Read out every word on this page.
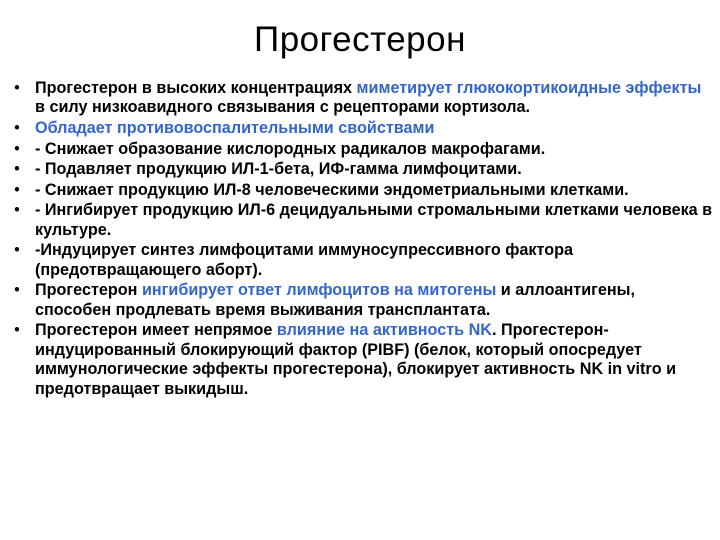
Прогестерон
• Прогестерон в высоких концентрациях миметирует глюкокортикоидные эффекты в силу низкоавидного связывания с рецепторами кортизола.
• Обладает противовоспалительными свойствами
• - Снижает образование кислородных радикалов макрофагами.
• - Подавляет продукцию ИЛ-1-бета, ИФ-гамма лимфоцитами.
• - Снижает продукцию ИЛ-8 человеческими эндометриальными клетками.
• - Ингибирует продукцию ИЛ-6 децидуальными стромальными клетками человека в культуре.
• -Индуцирует синтез лимфоцитами иммуносупрессивного фактора (предотвращающего аборт).
• Прогестерон ингибирует ответ лимфоцитов на митогены и аллоантигены, способен продлевать время выживания трансплантата.
• Прогестерон имеет непрямое влияние на активность NK. Прогестерон-индуцированный блокирующий фактор (PIBF) (белок, который опосредует иммунологические эффекты прогестерона), блокирует активность NK in vitro и предотвращает выкидыш.
